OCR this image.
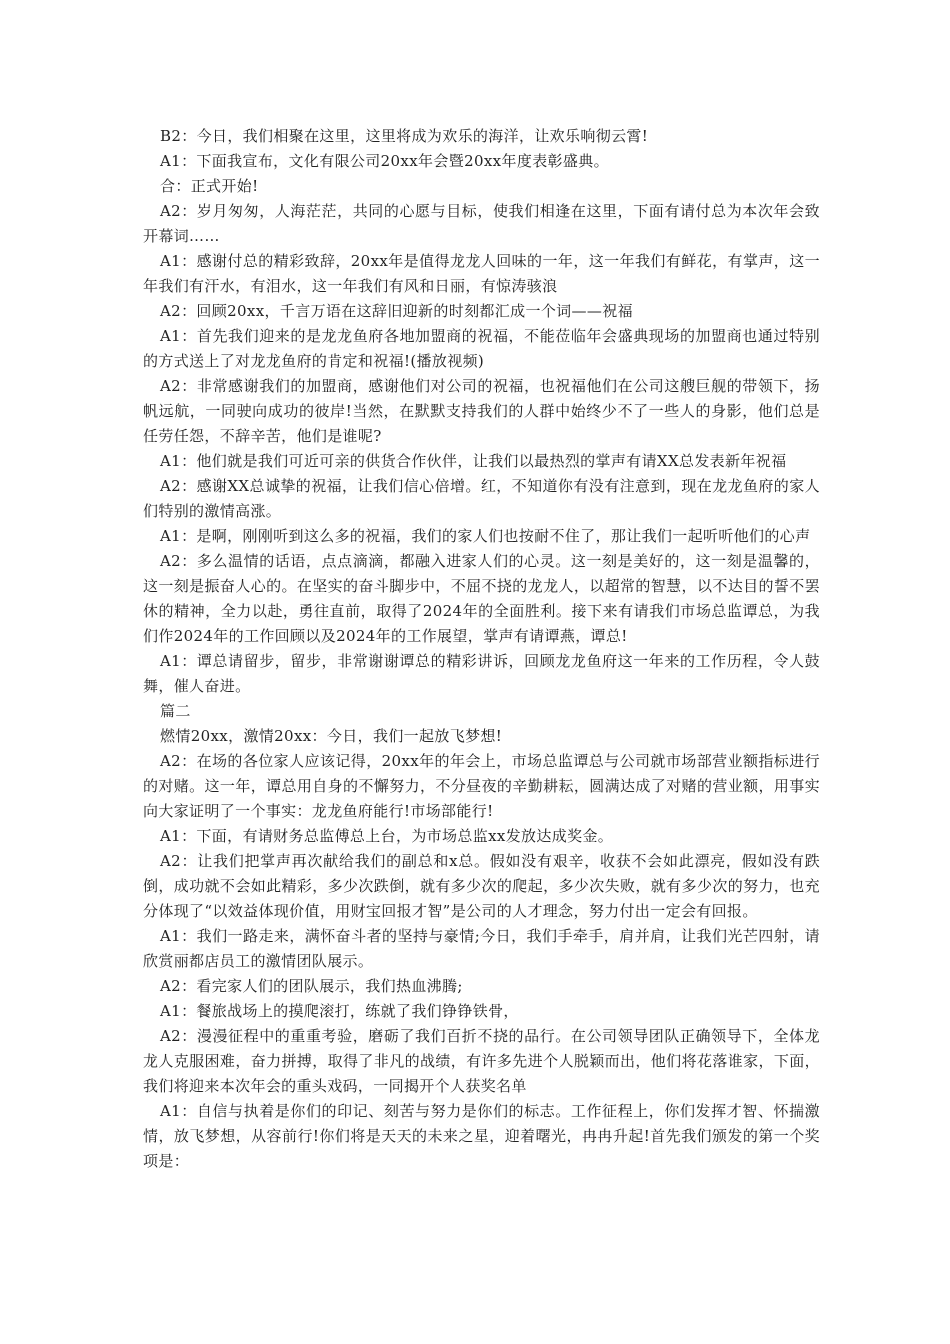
B2：今日，我们相聚在这里，这里将成为欢乐的海洋，让欢乐响彻云霄!

A1：下面我宣布，文化有限公司20xx年会暨20xx年度表彰盛典。

合：正式开始!

A2：岁月匆匆，人海茫茫，共同的心愿与目标，使我们相逢在这里，下面有请付总为本次年会致开幕词……

A1：感谢付总的精彩致辞，20xx年是值得龙龙人回味的一年，这一年我们有鲜花，有掌声，这一年我们有汗水，有泪水，这一年我们有风和日丽，有惊涛骇浪

A2：回顾20xx，千言万语在这辞旧迎新的时刻都汇成一个词——祝福

A1：首先我们迎来的是龙龙鱼府各地加盟商的祝福，不能莅临年会盛典现场的加盟商也通过特别的方式送上了对龙龙鱼府的肯定和祝福!(播放视频)

A2：非常感谢我们的加盟商，感谢他们对公司的祝福，也祝福他们在公司这艘巨舰的带领下，扬帆远航，一同驶向成功的彼岸!当然，在默默支持我们的人群中始终少不了一些人的身影，他们总是任劳任怨，不辞辛苦，他们是谁呢?

A1：他们就是我们可近可亲的供货合作伙伴，让我们以最热烈的掌声有请XX总发表新年祝福

A2：感谢XX总诚挚的祝福，让我们信心倍增。红，不知道你有没有注意到，现在龙龙鱼府的家人们特别的激情高涨。

A1：是啊，刚刚听到这么多的祝福，我们的家人们也按耐不住了，那让我们一起听听他们的心声

A2：多么温情的话语，点点滴滴，都融入进家人们的心灵。这一刻是美好的，这一刻是温馨的，这一刻是振奋人心的。在坚实的奋斗脚步中，不屈不挠的龙龙人，以超常的智慧，以不达目的誓不罢休的精神，全力以赴，勇往直前，取得了2024年的全面胜利。接下来有请我们市场总监谭总，为我们作2024年的工作回顾以及2024年的工作展望，掌声有请谭燕，谭总!

A1：谭总请留步，留步，非常谢谢谭总的精彩讲诉，回顾龙龙鱼府这一年来的工作历程，令人鼓舞，催人奋进。

篇二

燃情20xx，激情20xx：今日，我们一起放飞梦想!

A2：在场的各位家人应该记得，20xx年的年会上，市场总监谭总与公司就市场部营业额指标进行的对赌。这一年，谭总用自身的不懈努力，不分昼夜的辛勤耕耘，圆满达成了对赌的营业额，用事实向大家证明了一个事实：龙龙鱼府能行!市场部能行!

A1：下面，有请财务总监傅总上台，为市场总监xx发放达成奖金。

A2：让我们把掌声再次献给我们的副总和x总。假如没有艰辛，收获不会如此漂亮，假如没有跌倒，成功就不会如此精彩，多少次跌倒，就有多少次的爬起，多少次失败，就有多少次的努力，也充分体现了“以效益体现价值，用财宝回报才智”是公司的人才理念，努力付出一定会有回报。

A1：我们一路走来，满怀奋斗者的坚持与豪情;今日，我们手牵手，肩并肩，让我们光芒四射，请欣赏丽都店员工的激情团队展示。

A2：看完家人们的团队展示，我们热血沸腾;

A1：餐旅战场上的摸爬滚打，练就了我们铮铮铁骨，

A2：漫漫征程中的重重考验，磨砺了我们百折不挠的品行。在公司领导团队正确领导下，全体龙龙人克服困难，奋力拼搏，取得了非凡的战绩，有许多先进个人脱颖而出，他们将花落谁家，下面，我们将迎来本次年会的重头戏码，一同揭开个人获奖名单

A1：自信与执着是你们的印记、刻苦与努力是你们的标志。工作征程上，你们发挥才智、怀揣激情，放飞梦想，从容前行!你们将是天天的未来之星，迎着曙光，冉冉升起!首先我们颁发的第一个奖项是：
